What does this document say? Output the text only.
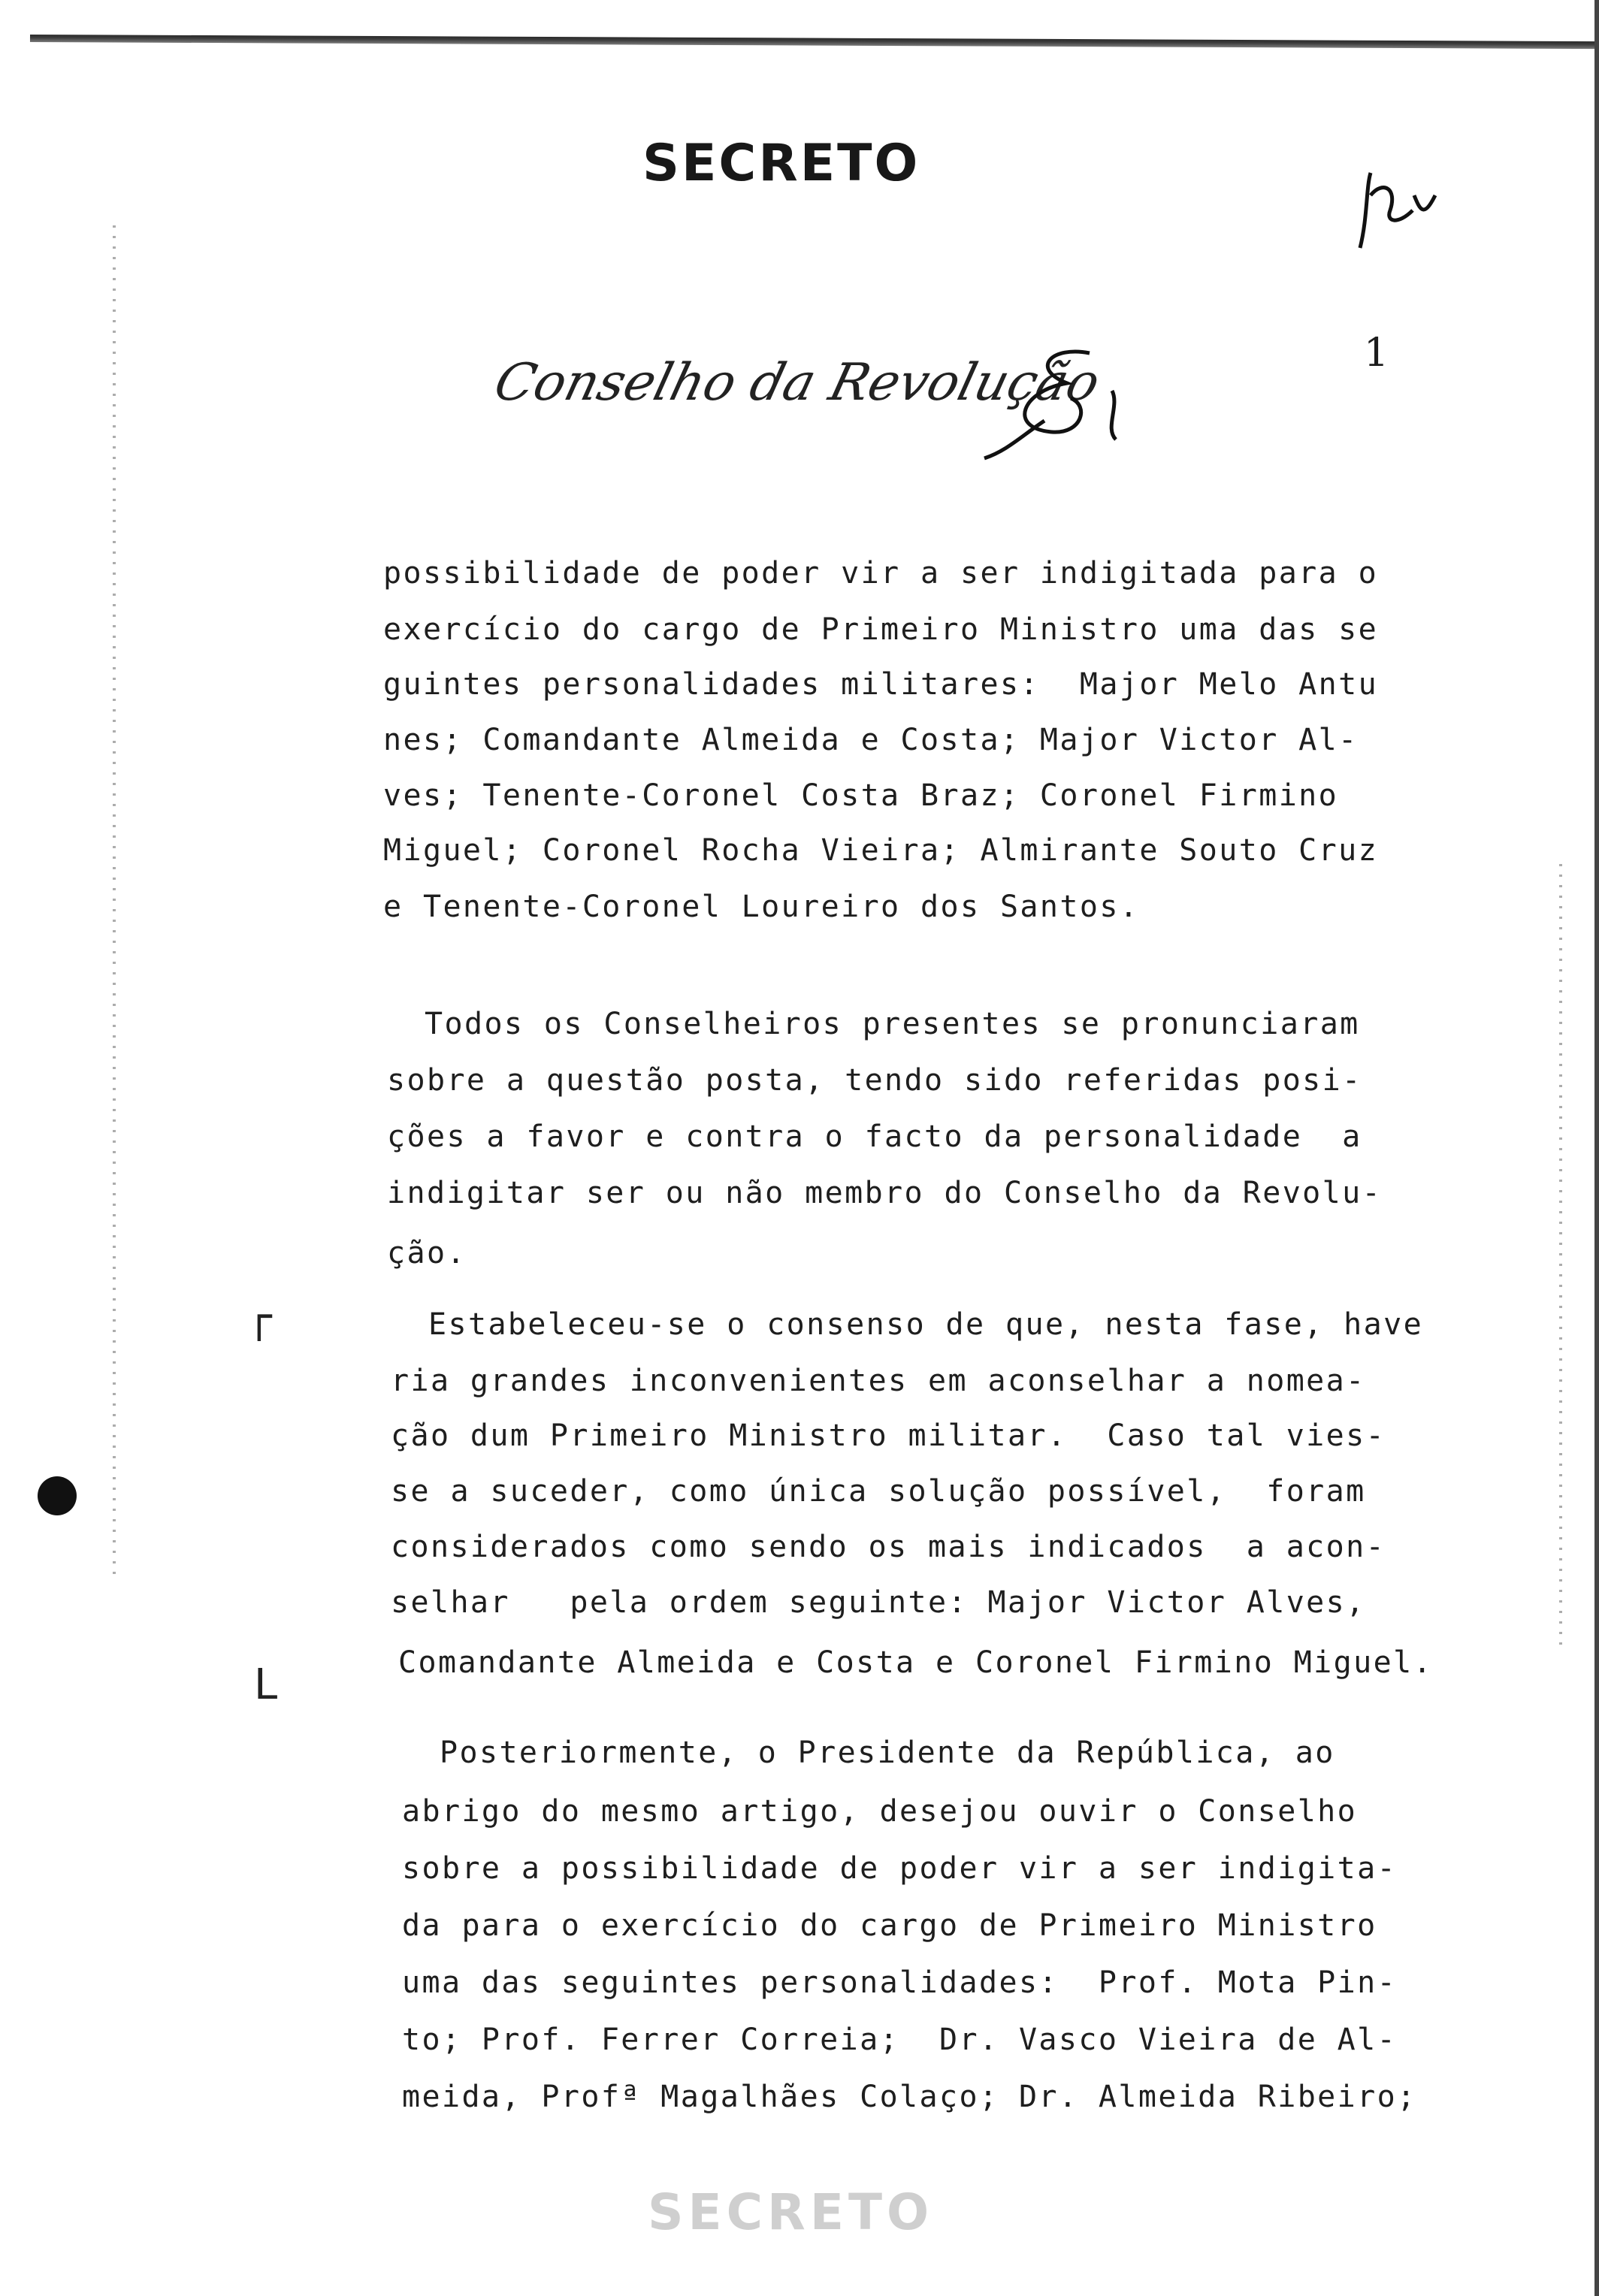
SECRETO
Conselho da Revolução	1
possibilidade de poder vir a ser indigitada para o
exercício do cargo de Primeiro Ministro uma das se
guintes personalidades militares:  Major Melo Antu
nes; Comandante Almeida e Costa; Major Victor Al-
ves; Tenente-Coronel Costa Braz; Coronel Firmino
Miguel; Coronel Rocha Vieira; Almirante Souto Cruz
e Tenente-Coronel Loureiro dos Santos.
Todos os Conselheiros presentes se pronunciaram
sobre a questão posta, tendo sido referidas posi-
ções a favor e contra o facto da personalidade  a
indigitar ser ou não membro do Conselho da Revolu-
ção.
┌	Estabeleceu-se o consenso de que, nesta fase, have
ria grandes inconvenientes em aconselhar a nomea-
ção dum Primeiro Ministro militar.  Caso tal vies-
se a suceder, como única solução possível,  foram
considerados como sendo os mais indicados  a acon-
selhar   pela ordem seguinte: Major Victor Alves,
Comandante Almeida e Costa e Coronel Firmino Miguel.
L
Posteriormente, o Presidente da República, ao
abrigo do mesmo artigo, desejou ouvir o Conselho
sobre a possibilidade de poder vir a ser indigita-
da para o exercício do cargo de Primeiro Ministro
uma das seguintes personalidades:  Prof. Mota Pin-
to; Prof. Ferrer Correia;  Dr. Vasco Vieira de Al-
meida, Profª Magalhães Colaço; Dr. Almeida Ribeiro;
SECRETO
